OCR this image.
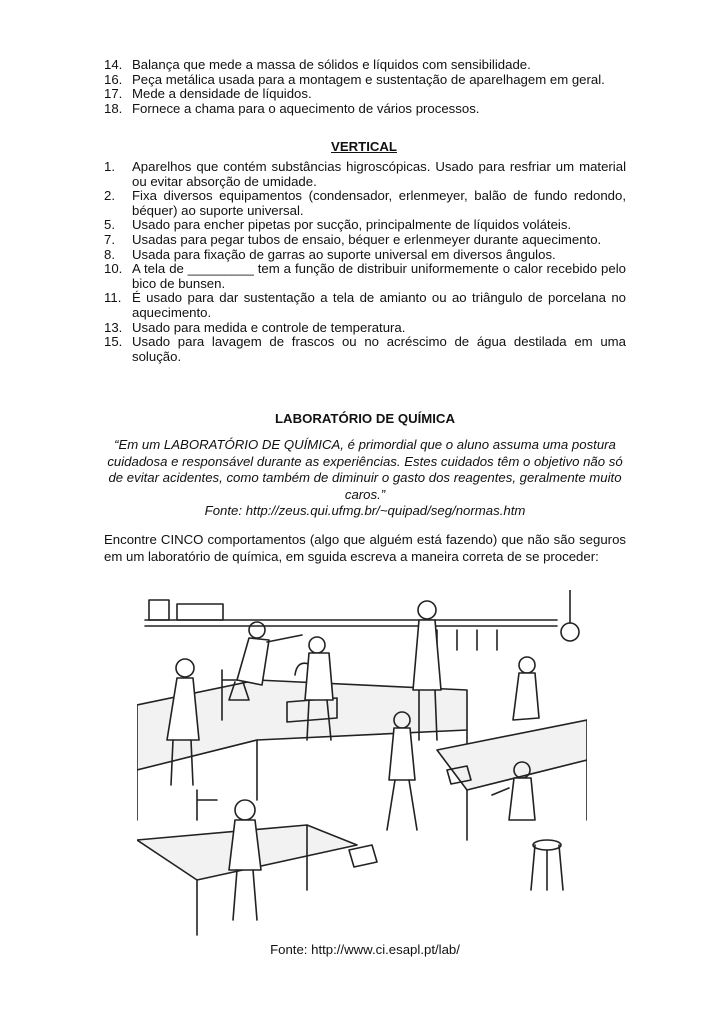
14. Balança que mede a massa de sólidos e líquidos com sensibilidade.
16. Peça metálica usada para a montagem e sustentação de aparelhagem em geral.
17. Mede a densidade de líquidos.
18. Fornece a chama para o aquecimento de vários processos.
VERTICAL
1. Aparelhos que contém substâncias higroscópicas. Usado para resfriar um material ou evitar absorção de umidade.
2. Fixa diversos equipamentos (condensador, erlenmeyer, balão de fundo redondo, béquer) ao suporte universal.
5. Usado para encher pipetas por sucção, principalmente de líquidos voláteis.
7. Usadas para pegar tubos de ensaio, béquer e erlenmeyer durante aquecimento.
8. Usada para fixação de garras ao suporte universal em diversos ângulos.
10. A tela de _________ tem a função de distribuir uniformemente o calor recebido pelo bico de bunsen.
11. É usado para dar sustentação a tela de amianto ou ao triângulo de porcelana no aquecimento.
13. Usado para medida e controle de temperatura.
15. Usado para lavagem de frascos ou no acréscimo de água destilada em uma solução.
LABORATÓRIO DE QUÍMICA
“Em um LABORATÓRIO DE QUÍMICA, é primordial que o aluno assuma uma postura cuidadosa e responsável durante as experiências. Estes cuidados têm o objetivo não só de evitar acidentes, como também de diminuir o gasto dos reagentes, geralmente muito caros.”
Fonte: http://zeus.qui.ufmg.br/~quipad/seg/normas.htm

Encontre CINCO comportamentos (algo que alguém está fazendo) que não são seguros em um laboratório de química, em sguida escreva a maneira correta de se proceder:

Fonte: http://www.ci.esapl.pt/lab/
